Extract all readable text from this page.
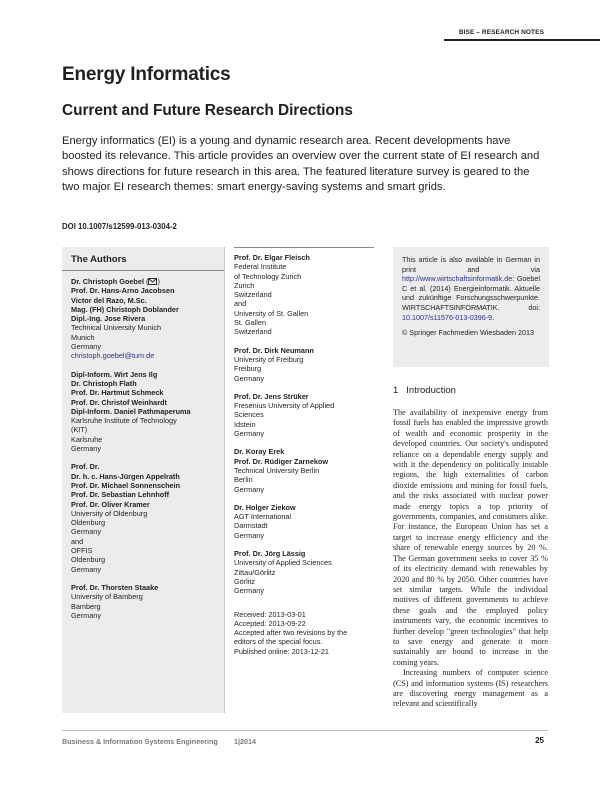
BISE – RESEARCH NOTES
Energy Informatics
Current and Future Research Directions

Energy informatics (EI) is a young and dynamic research area. Recent developments have boosted its relevance. This article provides an overview over the current state of EI research and shows directions for future research in this area. The featured literature survey is geared to the two major EI research themes: smart energy-saving systems and smart grids.

DOI 10.1007/s12599-013-0304-2
The Authors
Dr. Christoph Goebel ( )
Prof. Dr. Hans-Arno Jacobsen
Victor del Razo, M.Sc.
Mag. (FH) Christoph Doblander
Dipl.-Ing. Jose Rivera
Technical University Munich
Munich
Germany
christoph.goebel@tum.de
Dipl-Inform. Wirt Jens Ilg
Dr. Christoph Flath
Prof. Dr. Hartmut Schmeck
Prof. Dr. Christof Weinhardt
Dipl-Inform. Daniel Pathmaperuma
Karlsruhe Institute of Technology
(KIT)
Karlsruhe
Germany
Prof. Dr.
Dr. h. c. Hans-Jürgen Appelrath
Prof. Dr. Michael Sonnenschein
Prof. Dr. Sebastian Lehnhoff
Prof. Dr. Oliver Kramer
University of Oldenburg
Oldenburg
Germany
and
OFFIS
Oldenburg
Germany
Prof. Dr. Thorsten Staake
University of Bamberg
Bamberg
Germany
Prof. Dr. Elgar Fleisch
Federal Institute
of Technology Zurich
Zurich
Switzerland
and
University of St. Gallen
St. Gallen
Switzerland
Prof. Dr. Dirk Neumann
University of Freiburg
Freiburg
Germany
Prof. Dr. Jens Strüker
Fresenius University of Applied
Sciences
Idstein
Germany
Dr. Koray Erek
Prof. Dr. Rüdiger Zarnekow
Technical University Berlin
Berlin
Germany
Dr. Holger Ziekow
AGT International
Darmstadt
Germany
Prof. Dr. Jörg Lässig
University of Applied Sciences
Zittau/Görlitz
Görlitz
Germany
Received: 2013-03-01
Accepted: 2013-09-22
Accepted after two revisions by the editors of the special focus.
Published online: 2013-12-21
This article is also available in German in print and via http://www.wirtschaftsinformatik.de: Goebel C et al. (2014) Energieinformatik. Aktuelle und zukünftige Forschungsschwerpunkte. WIRTSCHAFTSINFORMATIK. doi: 10.1007/s11576-013-0396-9.
© Springer Fachmedien Wiesbaden 2013
1 Introduction

The availability of inexpensive energy from fossil fuels has enabled the impressive growth of wealth and economic prosperity in the developed countries. Our society's undisputed reliance on a dependable energy supply and with it the dependency on politically instable regions, the high externalities of carbon dioxide emissions and mining for fossil fuels, and the risks associated with nuclear power made energy topics a top priority of governments, companies, and consumers alike. For instance, the European Union has set a target to increase energy efficiency and the share of renewable energy sources by 20 %. The German government seeks to cover 35 % of its electricity demand with renewables by 2020 and 80 % by 2050. Other countries have set similar targets. While the individual motives of different governments to achieve these goals and the employed policy instruments vary, the economic incentives to further develop "green technologies" that help to save energy and generate it more sustainably are bound to increase in the coming years.

Increasing numbers of computer science (CS) and information systems (IS) researchers are discovering energy management as a relevant and scientifically

Business & Information Systems Engineering 1|2014	25
